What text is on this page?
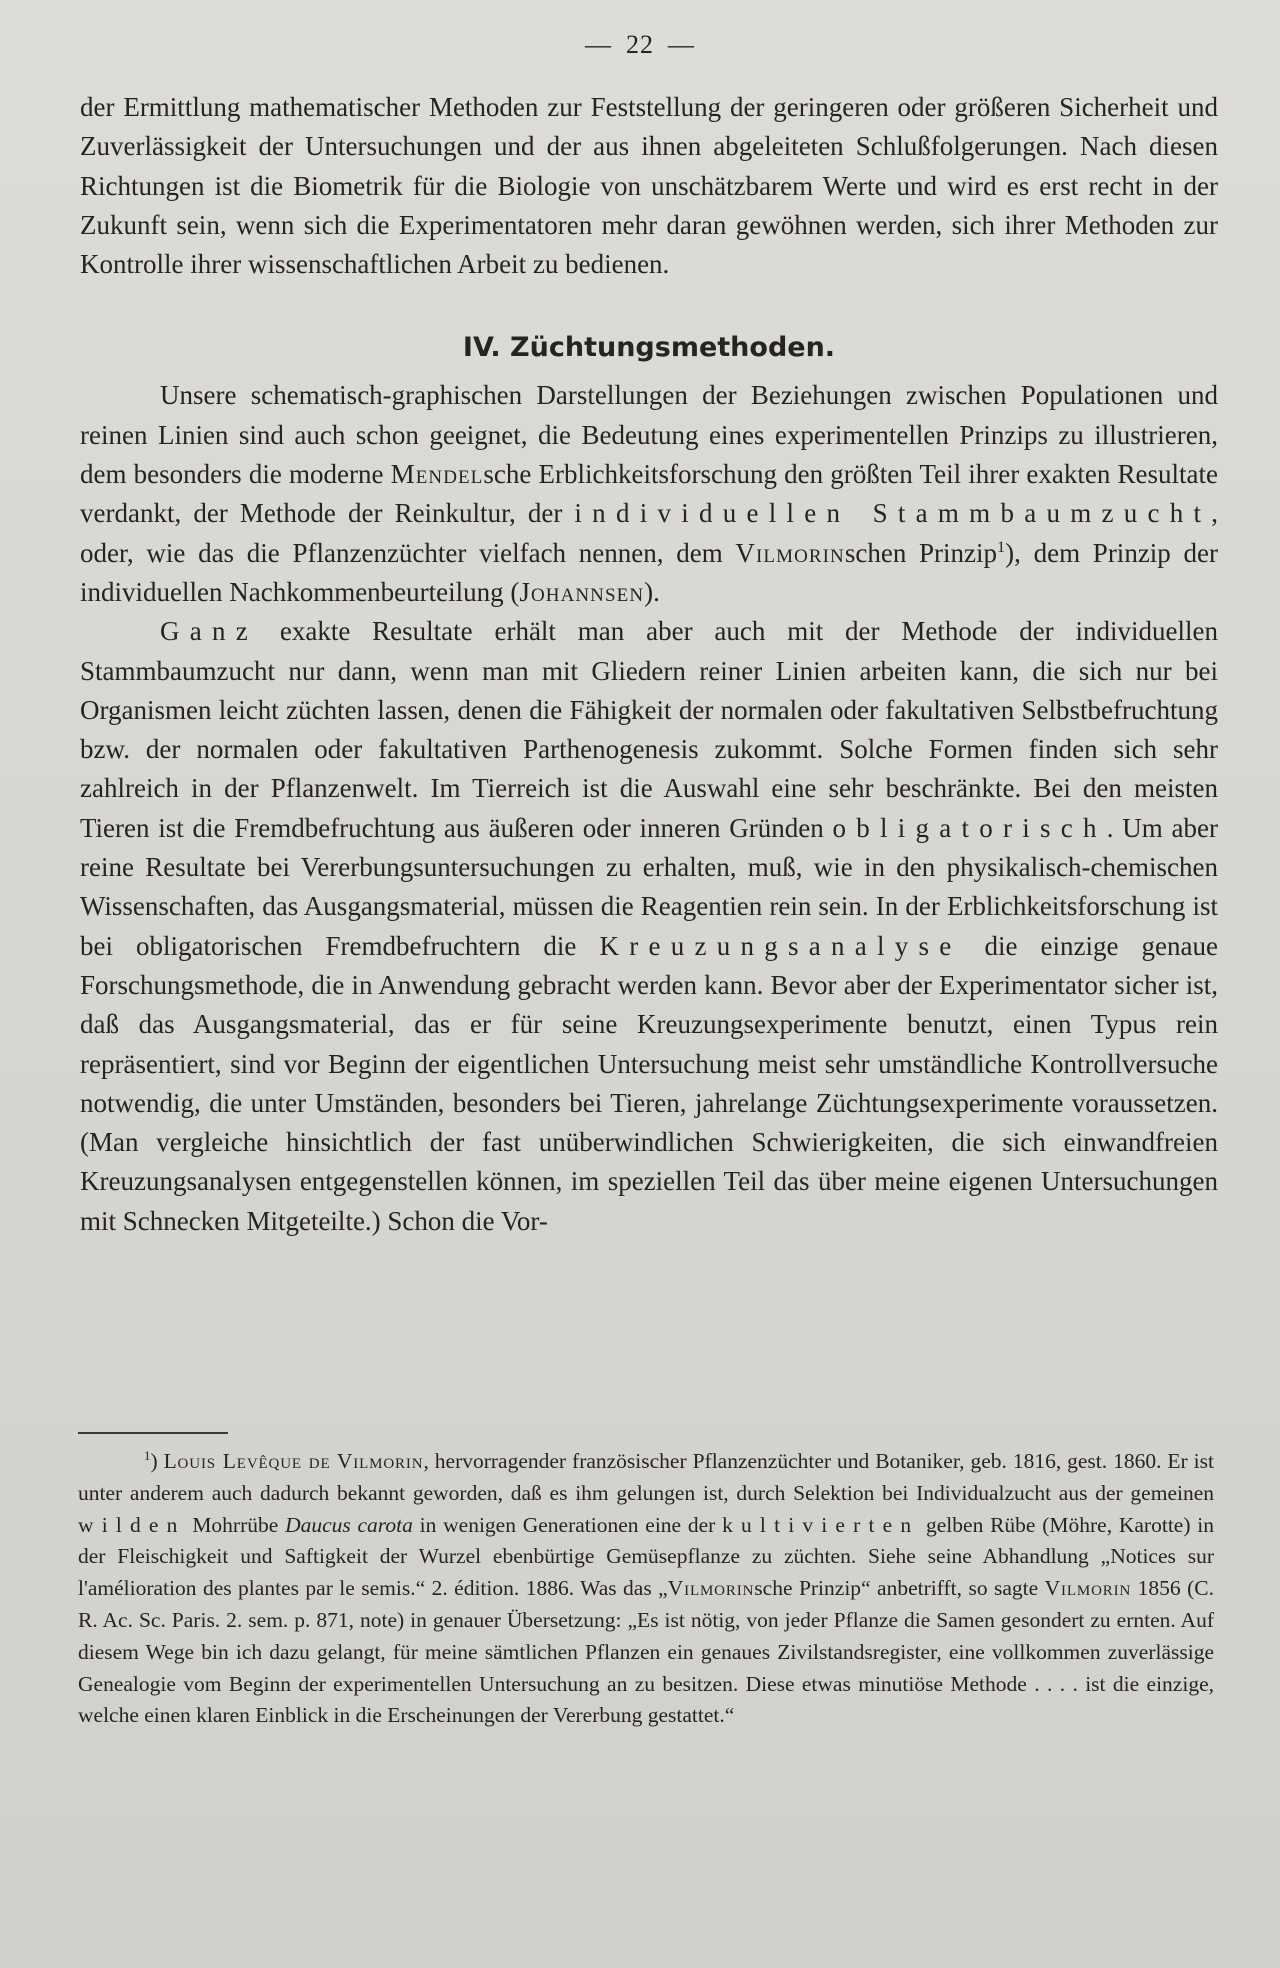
— 22 —

der Ermittlung mathematischer Methoden zur Feststellung der geringeren oder größeren Sicherheit und Zuverlässigkeit der Untersuchungen und der aus ihnen abgeleiteten Schlußfolgerungen. Nach diesen Richtungen ist die Biometrik für die Biologie von unschätzbarem Werte und wird es erst recht in der Zukunft sein, wenn sich die Experimentatoren mehr daran gewöhnen werden, sich ihrer Methoden zur Kontrolle ihrer wissenschaftlichen Arbeit zu bedienen.

IV. Züchtungsmethoden.

Unsere schematisch-graphischen Darstellungen der Beziehungen zwischen Populationen und reinen Linien sind auch schon geeignet, die Bedeutung eines experimentellen Prinzips zu illustrieren, dem besonders die moderne Mendelsche Erblichkeitsforschung den größten Teil ihrer exakten Resultate verdankt, der Methode der Reinkultur, der individuellen Stammbaumzucht, oder, wie das die Pflanzenzüchter vielfach nennen, dem Vilmorinschen Prinzip$^1$), dem Prinzip der individuellen Nachkommenbeurteilung (Johannsen).

Ganz exakte Resultate erhält man aber auch mit der Methode der individuellen Stammbaumzucht nur dann, wenn man mit Gliedern reiner Linien arbeiten kann, die sich nur bei Organismen leicht züchten lassen, denen die Fähigkeit der normalen oder fakultativen Selbstbefruchtung bzw. der normalen oder fakultativen Parthenogenesis zukommt. Solche Formen finden sich sehr zahlreich in der Pflanzenwelt. Im Tierreich ist die Auswahl eine sehr beschränkte. Bei den meisten Tieren ist die Fremdbefruchtung aus äußeren oder inneren Gründen obligatorisch. Um aber reine Resultate bei Vererbungsuntersuchungen zu erhalten, muß, wie in den physikalisch-chemischen Wissenschaften, das Ausgangsmaterial, müssen die Reagentien rein sein. In der Erblichkeitsforschung ist bei obligatorischen Fremdbefruchtern die Kreuzungsanalyse die einzige genaue Forschungsmethode, die in Anwendung gebracht werden kann. Bevor aber der Experimentator sicher ist, daß das Ausgangsmaterial, das er für seine Kreuzungsexperimente benutzt, einen Typus rein repräsentiert, sind vor Beginn der eigentlichen Untersuchung meist sehr umständliche Kontrollversuche notwendig, die unter Umständen, besonders bei Tieren, jahrelange Züchtungsexperimente voraussetzen. (Man vergleiche hinsichtlich der fast unüberwindlichen Schwierigkeiten, die sich einwandfreien Kreuzungsanalysen entgegenstellen können, im speziellen Teil das über meine eigenen Untersuchungen mit Schnecken Mitgeteilte.) Schon die Vor-

$^1$) Louis Levêque de Vilmorin, hervorragender französischer Pflanzenzüchter und Botaniker, geb. 1816, gest. 1860. Er ist unter anderem auch dadurch bekannt geworden, daß es ihm gelungen ist, durch Selektion bei Individualzucht aus der gemeinen wilden Mohrrübe Daucus carota in wenigen Generationen eine der kultivierten gelben Rübe (Möhre, Karotte) in der Fleischigkeit und Saftigkeit der Wurzel ebenbürtige Gemüsepflanze zu züchten. Siehe seine Abhandlung „Notices sur l'amélioration des plantes par le semis.“ 2. édition. 1886. Was das „Vilmorinsche Prinzip“ anbetrifft, so sagte Vilmorin 1856 (C. R. Ac. Sc. Paris. 2. sem. p. 871, note) in genauer Übersetzung: „Es ist nötig, von jeder Pflanze die Samen gesondert zu ernten. Auf diesem Wege bin ich dazu gelangt, für meine sämtlichen Pflanzen ein genaues Zivilstandsregister, eine vollkommen zuverlässige Genealogie vom Beginn der experimentellen Untersuchung an zu besitzen. Diese etwas minutiöse Methode . . . . ist die einzige, welche einen klaren Einblick in die Erscheinungen der Vererbung gestattet.“
